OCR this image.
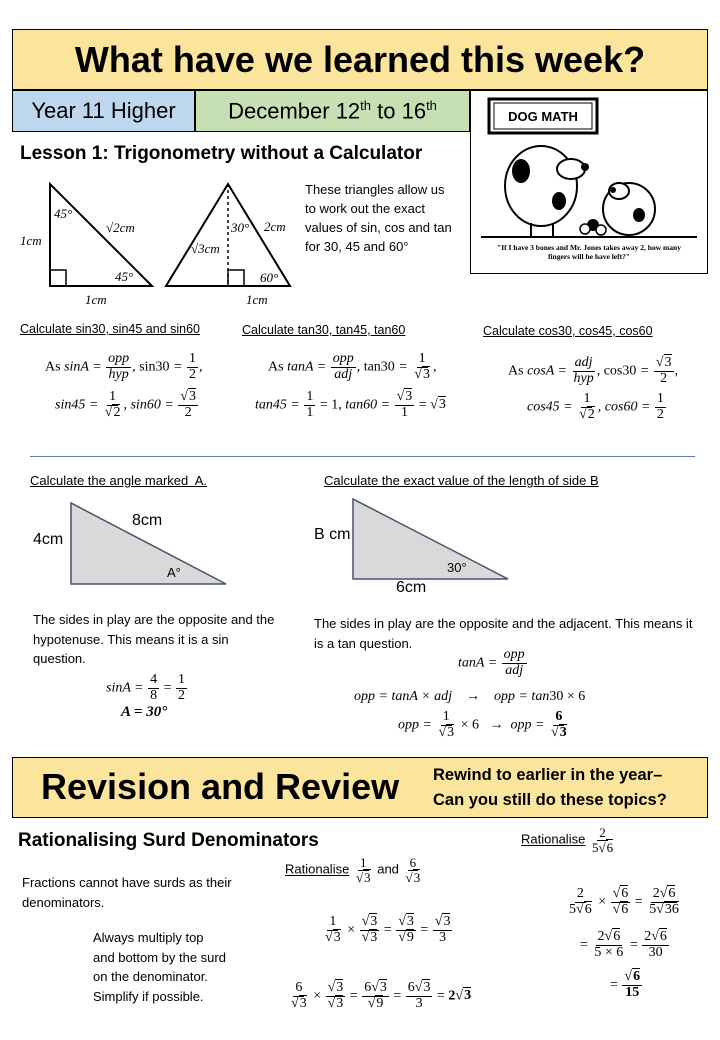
What have we learned this week?
Year 11 Higher December 12th to 16th
DOG MATH
"If I have 3 bones and Mr. Jones takes away 2, how many fingers will he have left?"
Lesson 1: Trigonometry without a Calculator
45°
√2cm
45°
1cm
1cm
30°
√3cm
2cm
60°
1cm
These triangles allow us to work out the exact values of sin, cos and tan for 30, 45 and 60°
Calculate sin30, sin45 and sin60	Calculate tan30, tan45, tan60	Calculate cos30, cos45, cos60
As $\sin A = \frac{\text{opp}}{\text{hyp}}$ , $\sin 30 = \frac{1}{2}$ ,
$\sin 45 = \frac{1}{√2}$ , $\sin 60 = \frac{√3}{2}$
As $\tan A = \frac{\text{opp}}{\text{adj}}$ , $\tan 30 = \frac{1}{√3}$ ,
$\tan 45 = \frac{1}{1} = 1$, $\tan 60 = \frac{√3}{1} = √3$
As $\cos A = \frac{\text{adj}}{\text{hyp}}$ , $\cos 30 = \frac{√3}{2}$ ,
$\cos 45 = \frac{1}{√2}$ , $\cos 60 = \frac{1}{2}$
Calculate the angle marked  A.
4cm
8cm
A°
The sides in play are the opposite and the hypotenuse. This means it is a sin question.
$\sin A = \frac{4}{8} = \frac{1}{2}$
A = 30°
Calculate the exact value of the length of side B
B cm
6cm
30°
The sides in play are the opposite and the adjacent. This means it is a tan question.
$\tan A = \frac{\text{opp}}{\text{adj}}$
opp = tanA × adj    →    opp = tan30 × 6
opp = $\frac{1}{√3} \times 6$   →  opp = $\frac{6}{√3}$
Revision and Review Rewind to earlier in the year–
Can you still do these topics?
Rationalising Surd Denominators
Fractions cannot have surds as their denominators.
Always multiply top and bottom by the surd on the denominator. Simplify if possible.
Rationalise $\frac{1}{√3}$ and $\frac{6}{√3}$
$\frac{1}{√3} \times \frac{√3}{√3} = \frac{√3}{√9} = \frac{√3}{3}$
$\frac{6}{√3} \times \frac{√3}{√3} = \frac{6√3}{√9} = \frac{6√3}{3} = 2√3$
Rationalise $\frac{2}{5√6}$
$\frac{2}{5√6} \times \frac{√6}{√6} = \frac{2√6}{5√36}$
= $\frac{2√6}{5 \times 6} = \frac{2√6}{30}$
= $\frac{√6}{15}$
